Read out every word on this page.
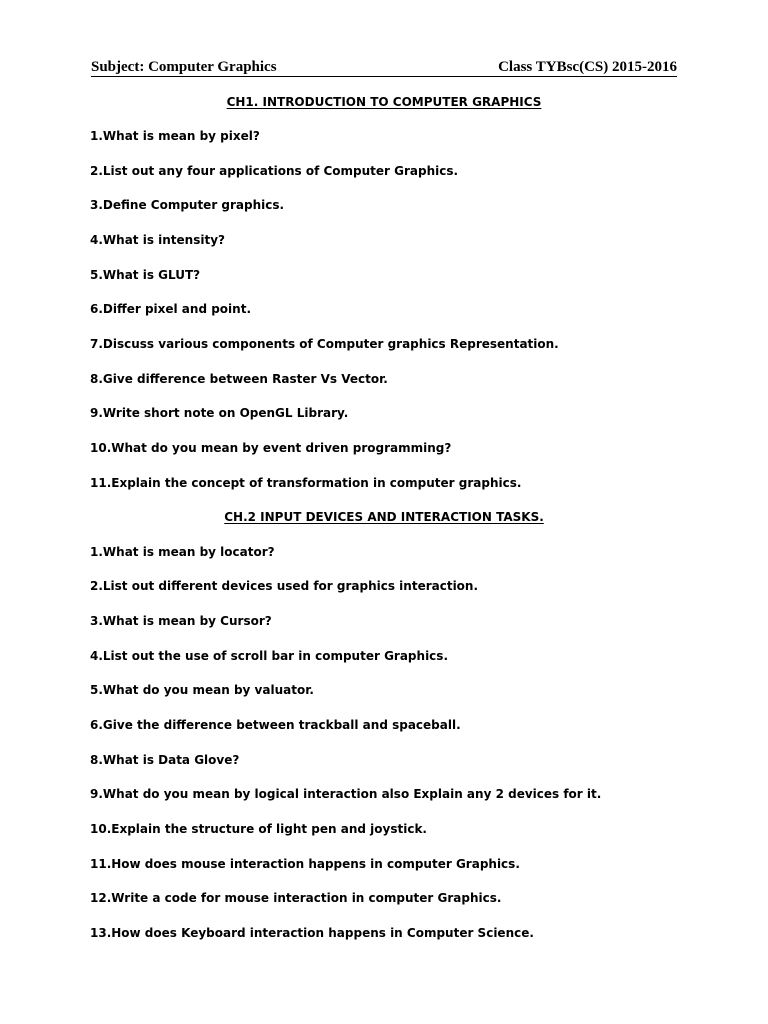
Subject: Computer Graphics	Class TYBsc(CS) 2015-2016
CH1. INTRODUCTION TO COMPUTER GRAPHICS
1.What is mean by pixel?
2.List out any four applications of Computer Graphics.
3.Define Computer graphics.
4.What is intensity?
5.What is GLUT?
6.Differ pixel and point.
7.Discuss various components of Computer graphics Representation.
8.Give difference between Raster Vs Vector.
9.Write short note on OpenGL Library.
10.What do you mean by event driven programming?
11.Explain the concept of transformation in computer graphics.
CH.2 INPUT DEVICES AND INTERACTION TASKS.
1.What is mean by locator?
2.List out different devices used for graphics interaction.
3.What is mean by Cursor?
4.List out the use of scroll bar in computer Graphics.
5.What do you mean by valuator.
6.Give the difference between trackball and spaceball.
8.What is Data Glove?
9.What do you mean by logical interaction also Explain any 2 devices for it.
10.Explain the structure of light pen and joystick.
11.How does mouse interaction happens in computer Graphics.
12.Write a code for mouse interaction in computer Graphics.
13.How does Keyboard interaction happens in Computer Science.
